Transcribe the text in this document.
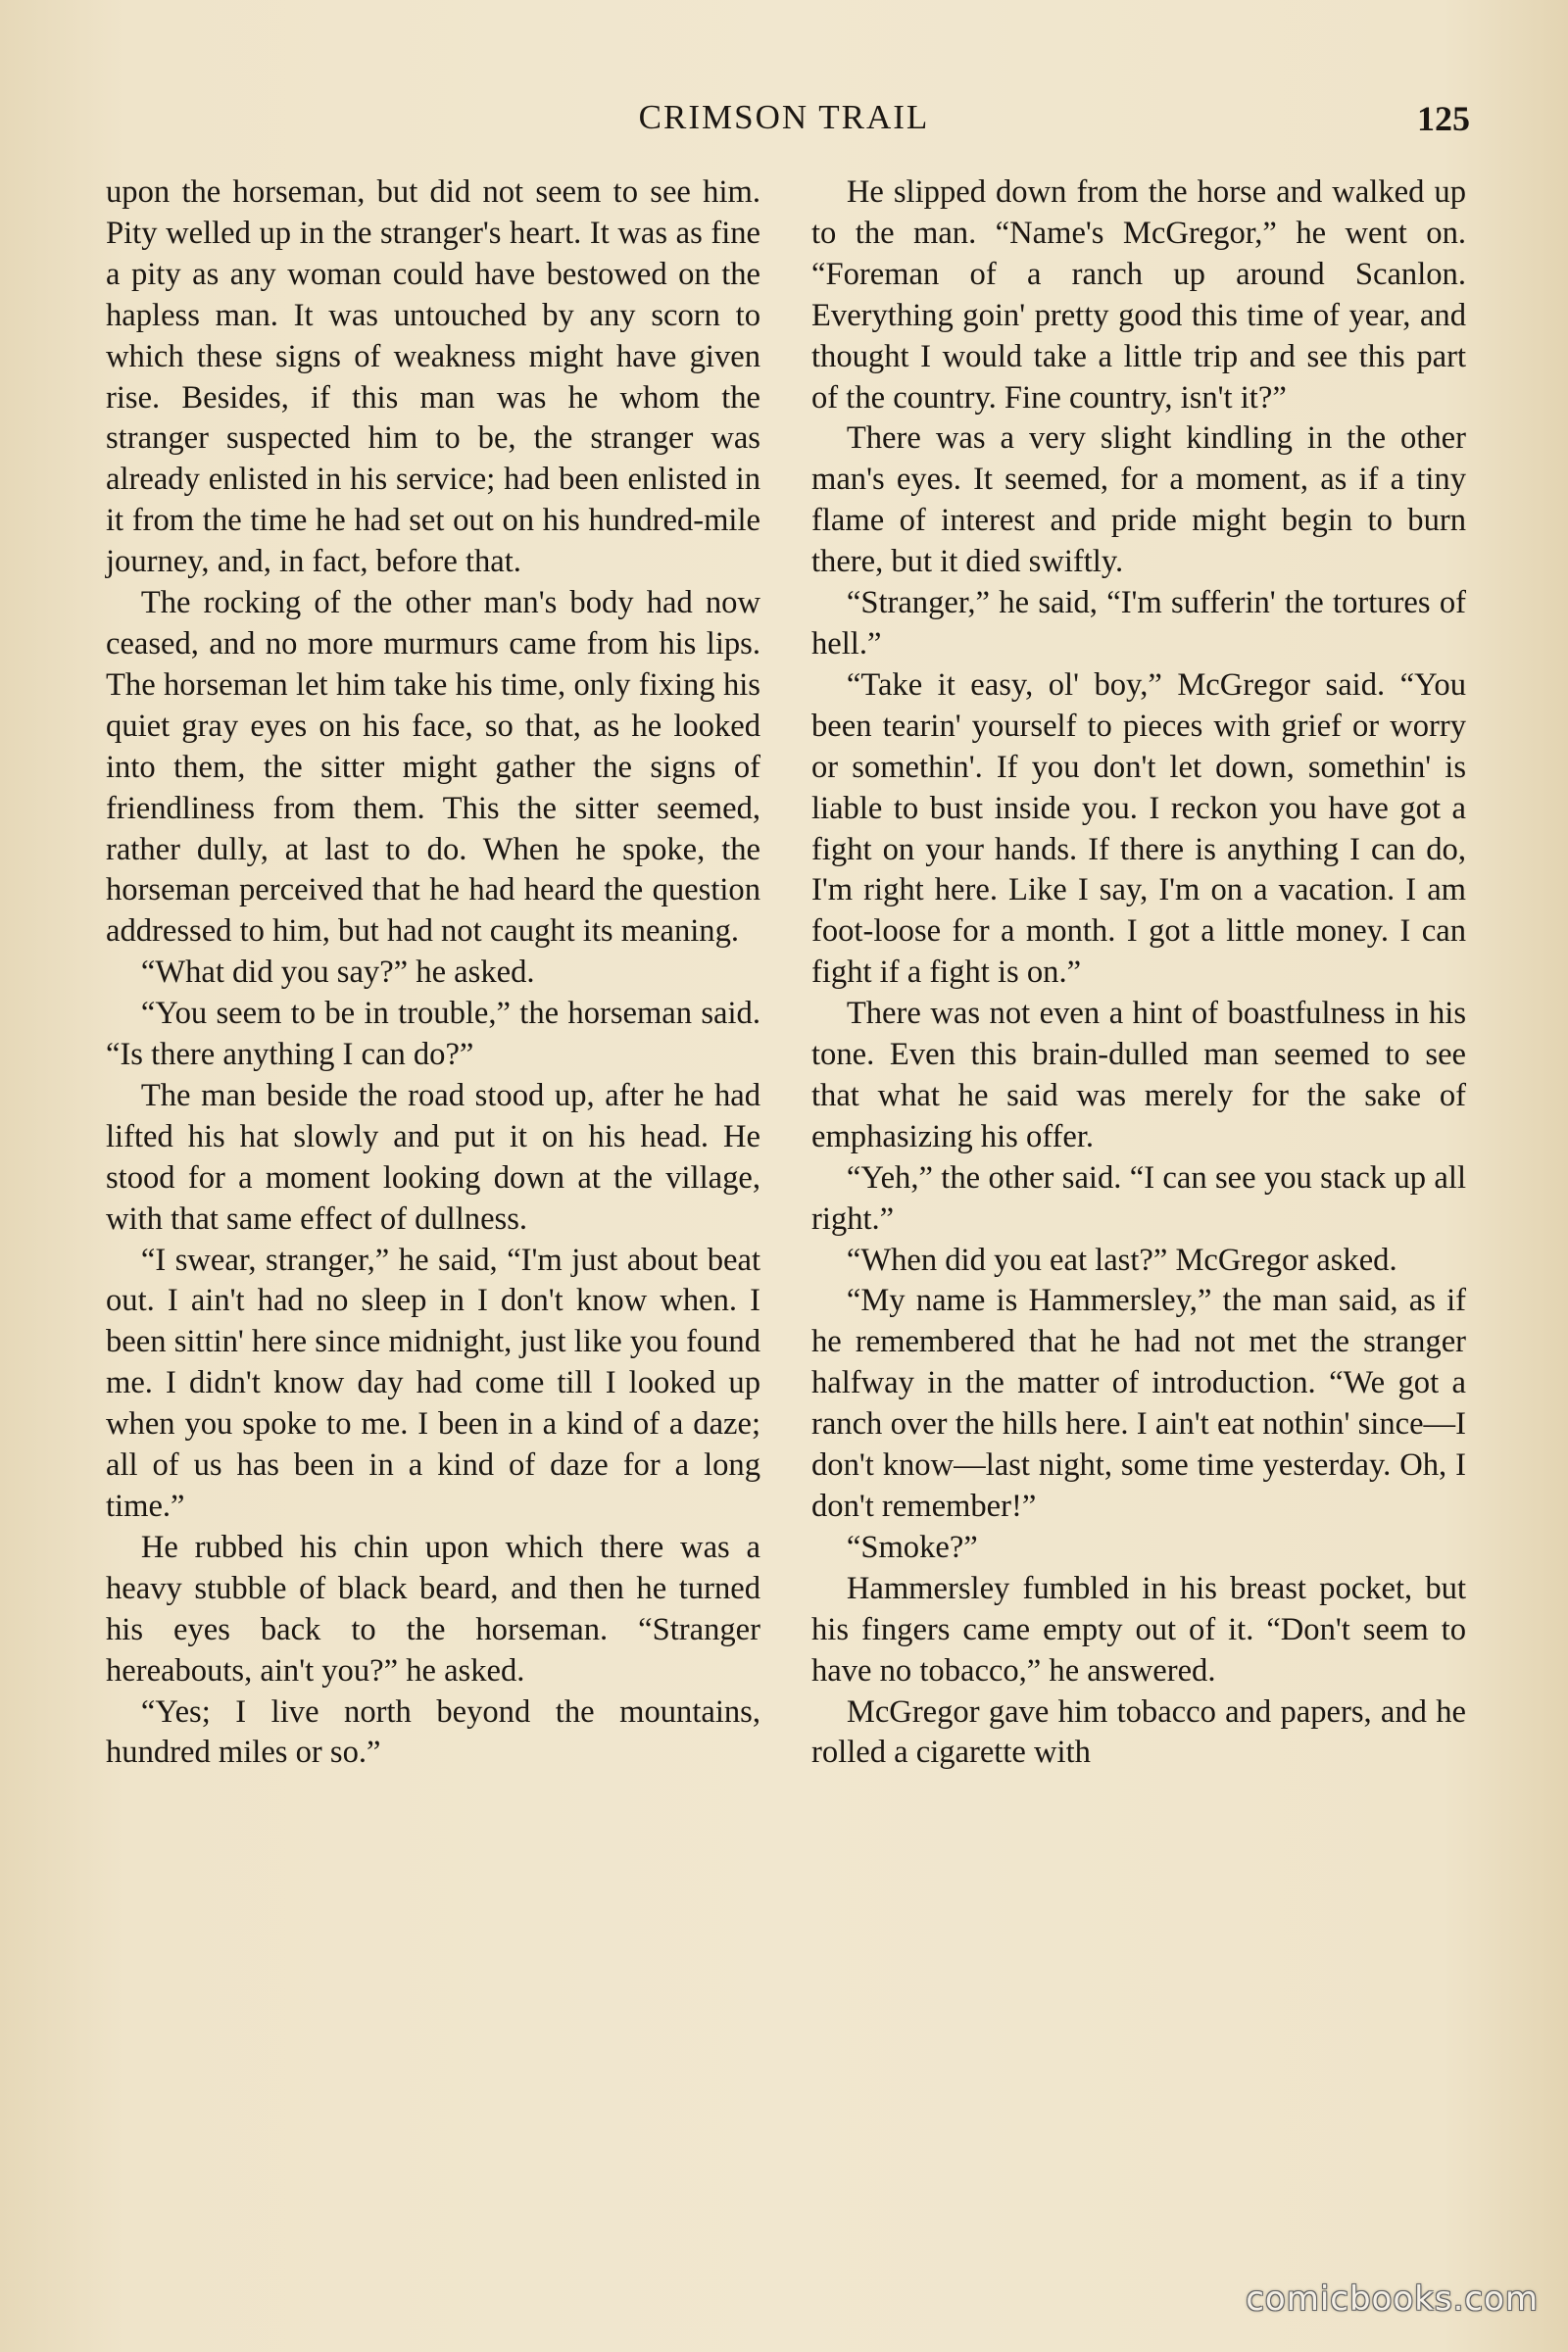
CRIMSON TRAIL	125

upon the horseman, but did not seem to see him. Pity welled up in the stranger's heart. It was as fine a pity as any woman could have bestowed on the hapless man. It was untouched by any scorn to which these signs of weakness might have given rise. Besides, if this man was he whom the stranger suspected him to be, the stranger was already enlisted in his service; had been enlisted in it from the time he had set out on his hundred-mile journey, and, in fact, before that.

The rocking of the other man's body had now ceased, and no more murmurs came from his lips. The horseman let him take his time, only fixing his quiet gray eyes on his face, so that, as he looked into them, the sitter might gather the signs of friendliness from them. This the sitter seemed, rather dully, at last to do. When he spoke, the horseman perceived that he had heard the question addressed to him, but had not caught its meaning.

“What did you say?” he asked.

“You seem to be in trouble,” the horseman said. “Is there anything I can do?”

The man beside the road stood up, after he had lifted his hat slowly and put it on his head. He stood for a moment looking down at the village, with that same effect of dullness.

“I swear, stranger,” he said, “I'm just about beat out. I ain't had no sleep in I don't know when. I been sittin' here since midnight, just like you found me. I didn't know day had come till I looked up when you spoke to me. I been in a kind of a daze; all of us has been in a kind of daze for a long time.”

He rubbed his chin upon which there was a heavy stubble of black beard, and then he turned his eyes back to the horseman. “Stranger hereabouts, ain't you?” he asked.

“Yes; I live north beyond the mountains, hundred miles or so.”

He slipped down from the horse and walked up to the man. “Name's McGregor,” he went on. “Foreman of a ranch up around Scanlon. Everything goin' pretty good this time of year, and thought I would take a little trip and see this part of the country. Fine country, isn't it?”

There was a very slight kindling in the other man's eyes. It seemed, for a moment, as if a tiny flame of interest and pride might begin to burn there, but it died swiftly.

“Stranger,” he said, “I'm sufferin' the tortures of hell.”

“Take it easy, ol' boy,” McGregor said. “You been tearin' yourself to pieces with grief or worry or somethin'. If you don't let down, somethin' is liable to bust inside you. I reckon you have got a fight on your hands. If there is anything I can do, I'm right here. Like I say, I'm on a vacation. I am foot-loose for a month. I got a little money. I can fight if a fight is on.”

There was not even a hint of boastfulness in his tone. Even this brain-dulled man seemed to see that what he said was merely for the sake of emphasizing his offer.

“Yeh,” the other said. “I can see you stack up all right.”

“When did you eat last?” McGregor asked.

“My name is Hammersley,” the man said, as if he remembered that he had not met the stranger halfway in the matter of introduction. “We got a ranch over the hills here. I ain't eat nothin' since—I don't know—last night, some time yesterday. Oh, I don't remember!”

“Smoke?”

Hammersley fumbled in his breast pocket, but his fingers came empty out of it. “Don't seem to have no tobacco,” he answered.

McGregor gave him tobacco and papers, and he rolled a cigarette with

comicbooks.com
